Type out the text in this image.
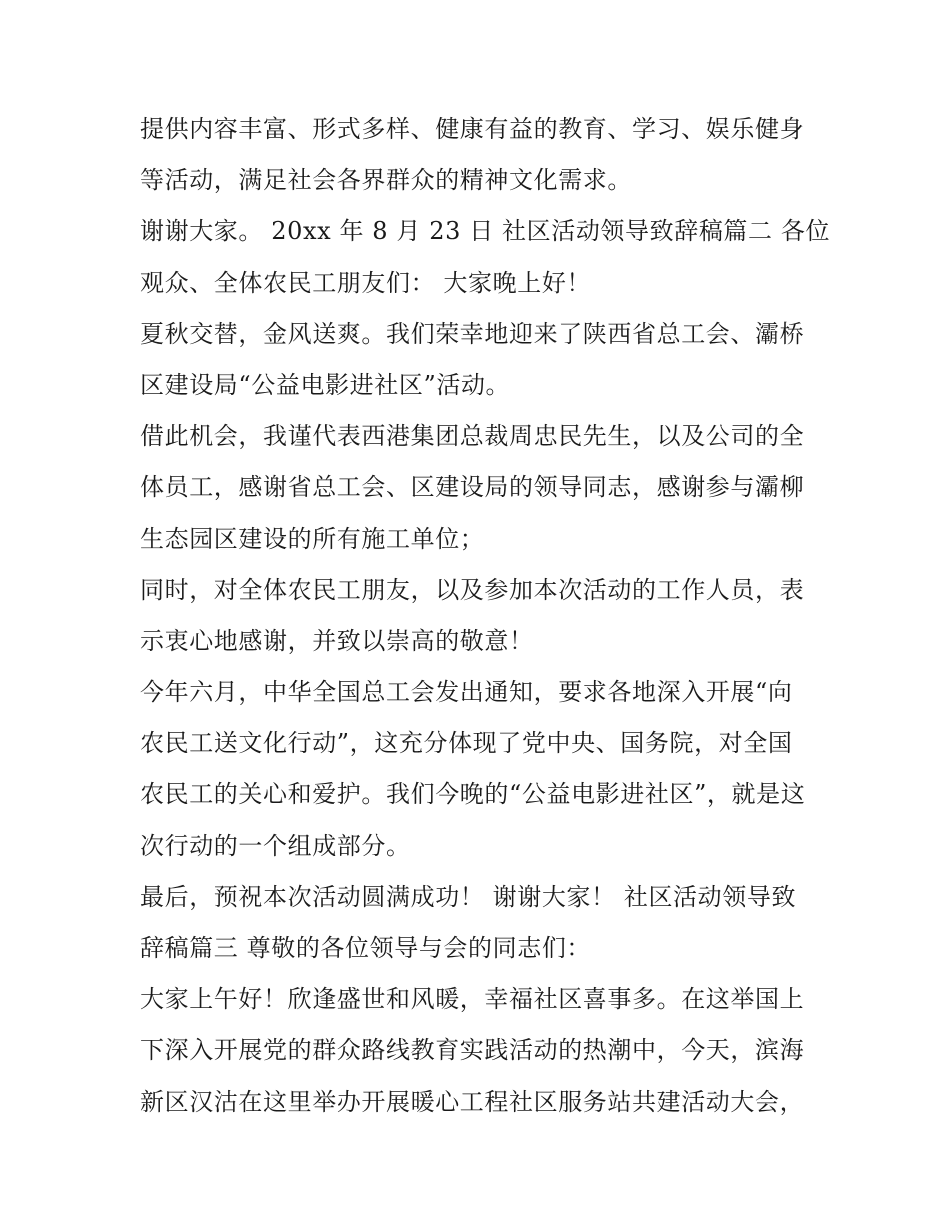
提供内容丰富、形式多样、健康有益的教育、学习、娱乐健身
等活动，满足社会各界群众的精神文化需求。
谢谢大家。 20xx 年 8 月 23 日 社区活动领导致辞稿篇二 各位
观众、全体农民工朋友们： 大家晚上好！
夏秋交替，金风送爽。我们荣幸地迎来了陕西省总工会、灞桥
区建设局“公益电影进社区”活动。
借此机会，我谨代表西港集团总裁周忠民先生，以及公司的全
体员工，感谢省总工会、区建设局的领导同志，感谢参与灞柳
生态园区建设的所有施工单位；
同时，对全体农民工朋友，以及参加本次活动的工作人员，表
示衷心地感谢，并致以崇高的敬意！
今年六月，中华全国总工会发出通知，要求各地深入开展“向
农民工送文化行动”，这充分体现了党中央、国务院，对全国
农民工的关心和爱护。我们今晚的“公益电影进社区”，就是这
次行动的一个组成部分。
最后，预祝本次活动圆满成功！ 谢谢大家！ 社区活动领导致
辞稿篇三 尊敬的各位领导与会的同志们：
大家上午好！欣逢盛世和风暖，幸福社区喜事多。在这举国上
下深入开展党的群众路线教育实践活动的热潮中，今天，滨海
新区汉沽在这里举办开展暖心工程社区服务站共建活动大会，
